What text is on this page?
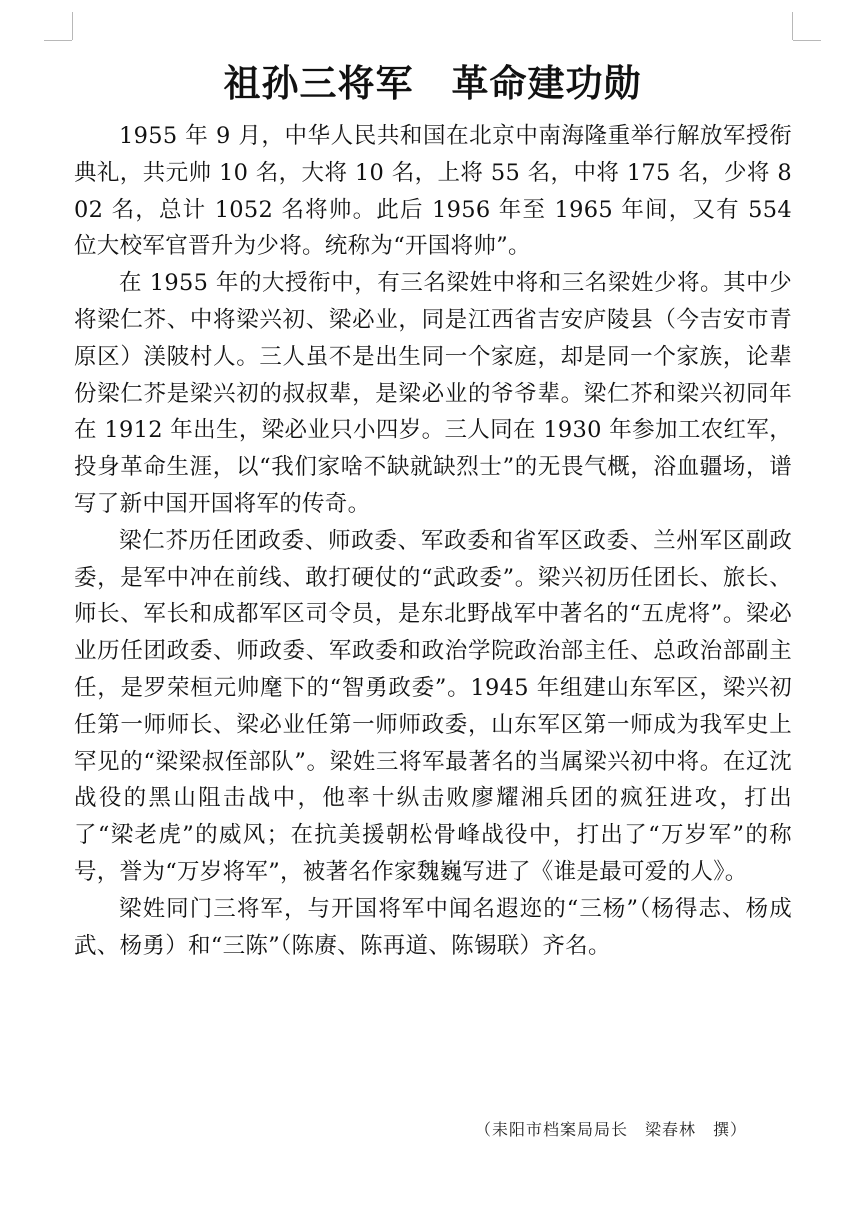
祖孙三将军 革命建功勋

1955 年 9 月，中华人民共和国在北京中南海隆重举行解放军授衔典礼，共元帅 10 名，大将 10 名，上将 55 名，中将 175 名，少将 802 名，总计 1052 名将帅。此后 1956 年至 1965 年间，又有 554 位大校军官晋升为少将。统称为“开国将帅”。

在 1955 年的大授衔中，有三名梁姓中将和三名梁姓少将。其中少将梁仁芥、中将梁兴初、梁必业，同是江西省吉安庐陵县（今吉安市青原区）渼陂村人。三人虽不是出生同一个家庭，却是同一个家族，论辈份梁仁芥是梁兴初的叔叔辈，是梁必业的爷爷辈。梁仁芥和梁兴初同年在 1912 年出生，梁必业只小四岁。三人同在 1930 年参加工农红军，投身革命生涯，以“我们家啥不缺就缺烈士”的无畏气概，浴血疆场，谱写了新中国开国将军的传奇。

梁仁芥历任团政委、师政委、军政委和省军区政委、兰州军区副政委，是军中冲在前线、敢打硬仗的“武政委”。梁兴初历任团长、旅长、师长、军长和成都军区司令员，是东北野战军中著名的“五虎将”。梁必业历任团政委、师政委、军政委和政治学院政治部主任、总政治部副主任，是罗荣桓元帅麾下的“智勇政委”。1945 年组建山东军区，梁兴初任第一师师长、梁必业任第一师师政委，山东军区第一师成为我军史上罕见的“梁梁叔侄部队”。梁姓三将军最著名的当属梁兴初中将。在辽沈战役的黑山阻击战中，他率十纵击败廖耀湘兵团的疯狂进攻，打出了“梁老虎”的威风；在抗美援朝松骨峰战役中，打出了“万岁军”的称号，誉为“万岁将军”，被著名作家魏巍写进了《谁是最可爱的人》。

梁姓同门三将军，与开国将军中闻名遐迩的“三杨”（杨得志、杨成武、杨勇）和“三陈”（陈赓、陈再道、陈锡联）齐名。

（耒阳市档案局局长　梁春林　撰）
